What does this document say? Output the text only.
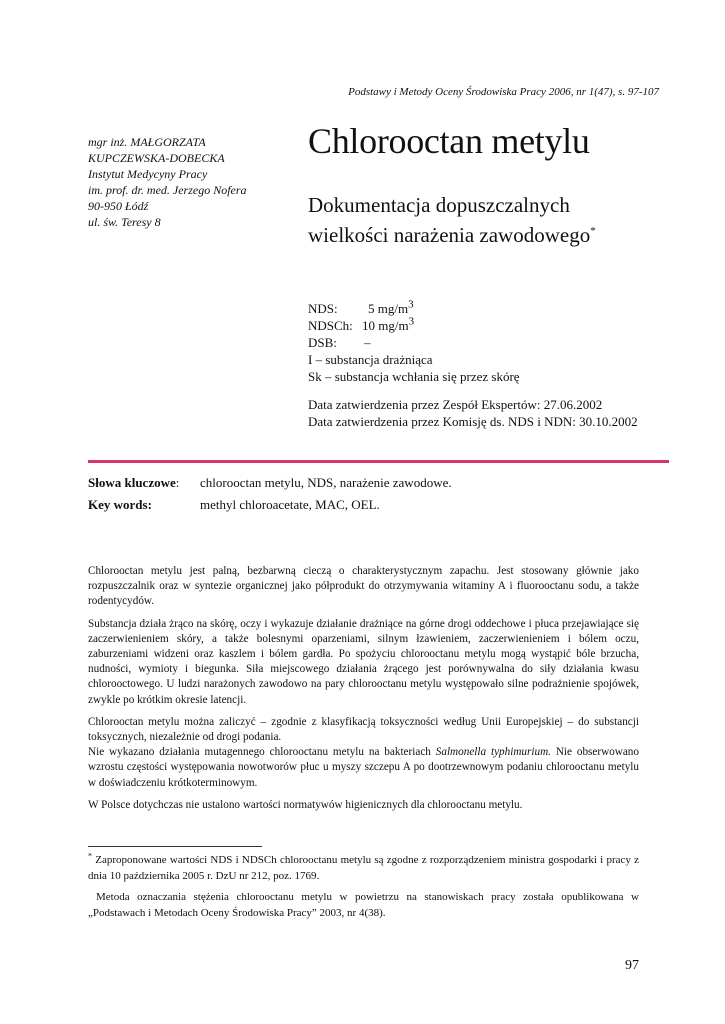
Podstawy i Metody Oceny Środowiska Pracy 2006, nr 1(47), s. 97-107
mgr inż. MAŁGORZATA
KUPCZEWSKA-DOBECKA
Instytut Medycyny Pracy
im. prof. dr. med. Jerzego Nofera
90-950 Łódź
ul. św. Teresy 8
Chlorooctan metylu
Dokumentacja dopuszczalnych
wielkości narażenia zawodowego*
NDS: 5 $mg/m^3$
NDSCh: 10 $mg/m^3$
DSB: –
I – substancja drażniąca
Sk – substancja wchłania się przez skórę
Data zatwierdzenia przez Zespół Ekspertów: 27.06.2002
Data zatwierdzenia przez Komisję ds. NDS i NDN: 30.10.2002
Słowa kluczowe: chlorooctan metylu, NDS, narażenie zawodowe.
Key words:	methyl chloroacetate, MAC, OEL.

Chlorooctan metylu jest palną, bezbarwną cieczą o charakterystycznym zapachu. Jest stosowany głównie jako rozpuszczalnik oraz w syntezie organicznej jako półprodukt do otrzymywania witaminy A i fluorooctanu sodu, a także rodentycydów.

Substancja działa żrąco na skórę, oczy i wykazuje działanie drażniące na górne drogi oddechowe i płuca przejawiające się zaczerwienieniem skóry, a także bolesnymi oparzeniami, silnym łzawieniem, zaczerwienieniem i bólem oczu, zaburzeniami widzeni oraz kaszlem i bólem gardła. Po spożyciu chlorooctanu metylu mogą wystąpić bóle brzucha, nudności, wymioty i biegunka. Siła miejscowego działania żrącego jest porównywalna do siły działania kwasu chlorooctowego. U ludzi narażonych zawodowo na pary chlorooctanu metylu występowało silne podrażnienie spojówek, zwykle po krótkim okresie latencji.

Chlorooctan metylu można zaliczyć – zgodnie z klasyfikacją toksyczności według Unii Europejskiej – do substancji toksycznych, niezależnie od drogi podania.
Nie wykazano działania mutagennego chlorooctanu metylu na bakteriach Salmonella typhimurium. Nie obserwowano wzrostu częstości występowania nowotworów płuc u myszy szczepu A po dootrzewnowym podaniu chlorooctanu metylu w doświadczeniu krótkoterminowym.

W Polsce dotychczas nie ustalono wartości normatywów higienicznych dla chlorooctanu metylu.

* Zaproponowane wartości NDS i NDSCh chlorooctanu metylu są zgodne z rozporządzeniem ministra gospodarki i pracy z dnia 10 października 2005 r. DzU nr 212, poz. 1769.

Metoda oznaczania stężenia chlorooctanu metylu w powietrzu na stanowiskach pracy została opublikowana w „Podstawach i Metodach Oceny Środowiska Pracy” 2003, nr 4(38).

97
